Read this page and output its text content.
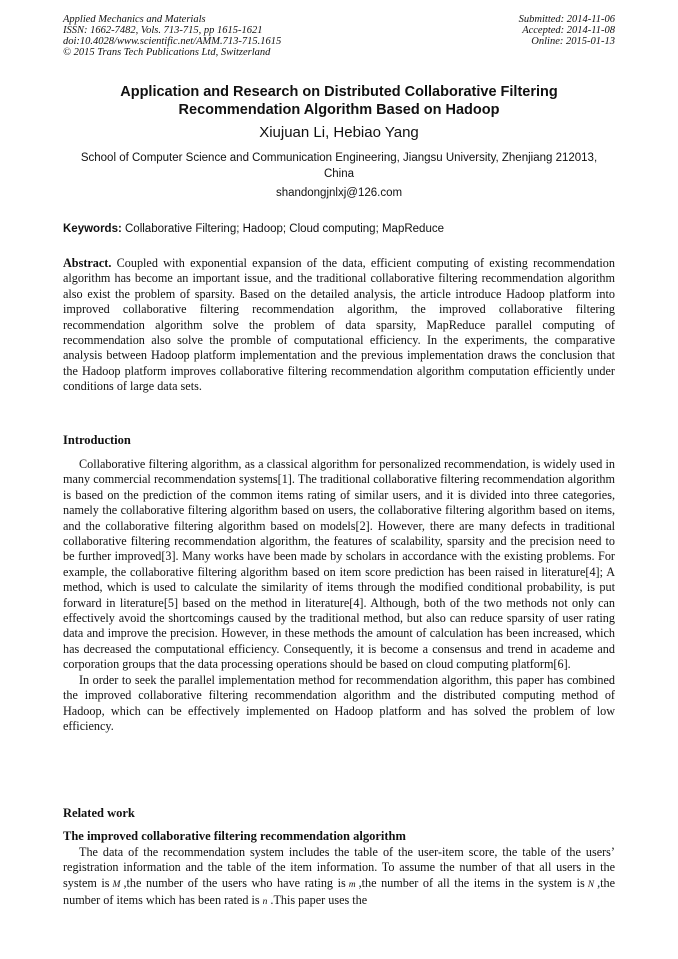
Applied Mechanics and Materials
ISSN: 1662-7482, Vols. 713-715, pp 1615-1621
doi:10.4028/www.scientific.net/AMM.713-715.1615
© 2015 Trans Tech Publications Ltd, Switzerland
Submitted: 2014-11-06
Accepted: 2014-11-08
Online: 2015-01-13
Application and Research on Distributed Collaborative Filtering
Recommendation Algorithm Based on Hadoop
Xiujuan Li, Hebiao Yang
School of Computer Science and Communication Engineering, Jiangsu University, Zhenjiang 212013, China
shandongjnlxj@126.com
Keywords: Collaborative Filtering; Hadoop; Cloud computing; MapReduce

Abstract. Coupled with exponential expansion of the data, efficient computing of existing recommendation algorithm has become an important issue, and the traditional collaborative filtering recommendation algorithm also exist the problem of sparsity. Based on the detailed analysis, the article introduce Hadoop platform into improved collaborative filtering recommendation algorithm, the improved collaborative filtering recommendation algorithm solve the problem of data sparsity, MapReduce parallel computing of recommendation also solve the promble of computational efficiency. In the experiments, the comparative analysis between Hadoop platform implementation and the previous implementation draws the conclusion that the Hadoop platform improves collaborative filtering recommendation algorithm computation efficiently under conditions of large data sets.

Introduction

Collaborative filtering algorithm, as a classical algorithm for personalized recommendation, is widely used in many commercial recommendation systems[1]. The traditional collaborative filtering recommendation algorithm is based on the prediction of the common items rating of similar users, and it is divided into three categories, namely the collaborative filtering algorithm based on users, the collaborative filtering algorithm based on items, and the collaborative filtering algorithm based on models[2]. However, there are many defects in traditional collaborative filtering recommendation algorithm, the features of scalability, sparsity and the precision need to be further improved[3]. Many works have been made by scholars in accordance with the existing problems. For example, the collaborative filtering algorithm based on item score prediction has been raised in literature[4]; A method, which is used to calculate the similarity of items through the modified conditional probability, is put forward in literature[5] based on the method in literature[4]. Although, both of the two methods not only can effectively avoid the shortcomings caused by the traditional method, but also can reduce sparsity of user rating data and improve the precision. However, in these methods the amount of calculation has been increased, which has decreased the computational efficiency. Consequently, it is become a consensus and trend in academe and corporation groups that the data processing operations should be based on cloud computing platform[6].

In order to seek the parallel implementation method for recommendation algorithm, this paper has combined the improved collaborative filtering recommendation algorithm and the distributed computing method of Hadoop, which can be effectively implemented on Hadoop platform and has solved the problem of low efficiency.

Related work
The improved collaborative filtering recommendation algorithm

The data of the recommendation system includes the table of the user-item score, the table of the users’ registration information and the table of the item information. To assume the number of that all users in the system is M ,the number of the users who have rating is m ,the number of all the items in the system is N ,the number of items which has been rated is n .This paper uses the
